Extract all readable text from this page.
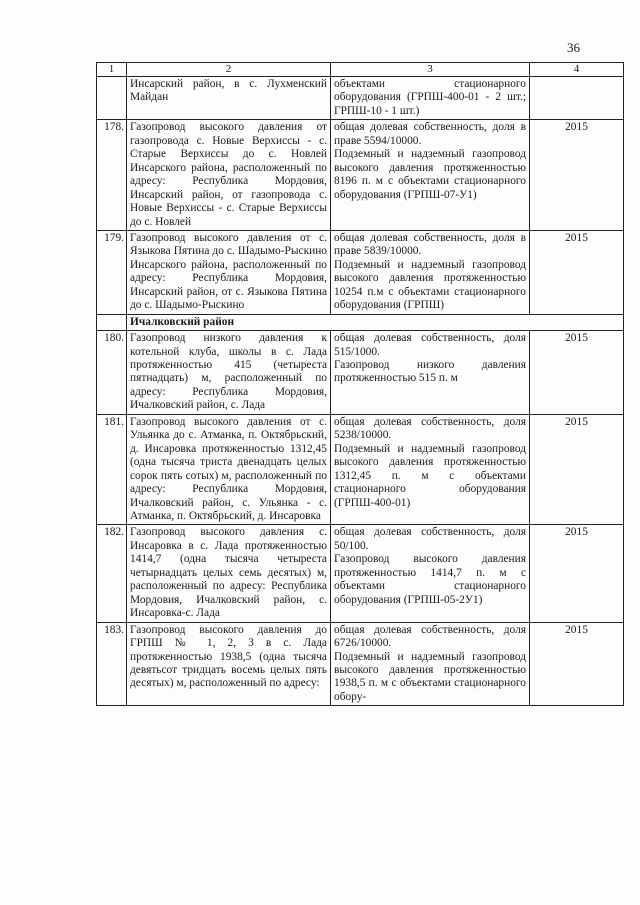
36
1	2	3	4
	Инсарский район, в с. Лухменский Майдан	объектами стационарного оборудования (ГРПШ-400-01 - 2 шт.; ГРПШ-10 - 1 шт.)	

178.	Газопровод высокого давления от газопровода с. Новые Верхиссы - с. Старые Верхиссы до с. Новлей Инсарского района, расположенный по адресу: Республика Мордовия, Инсарский район, от газопровода с. Новые Верхиссы - с. Старые Верхиссы до с. Новлей	общая долевая собственность, доля в праве 5594/10000.
Подземный и надземный газопровод высокого давления протяженностью 8196 п. м с объектами стационарного оборудования (ГРПШ-07-У1)	2015
179.	Газопровод высокого давления от с. Языкова Пятина до с. Шадымо-Рыскино Инсарского района, расположенный по адресу: Республика Мордовия, Инсарский район, от с. Языкова Пятина до с. Шадымо-Рыскино	общая долевая собственность, доля в праве 5839/10000.
Подземный и надземный газопровод высокого давления протяженностью 10254 п.м с объектами стационарного оборудования (ГРПШ)	2015
	Ичалковский район		
180.	Газопровод низкого давления к котельной клуба, школы в с. Лада протяженностью 415 (четыреста пятнадцать) м, расположенный по адресу: Республика Мордовия, Ичалковский район, с. Лада	общая долевая собственность, доля 515/1000.
Газопровод низкого давления протяженностью 515 п. м	2015
181.	Газопровод высокого давления от с. Ульянка до с. Атманка, п. Октябрьский, д. Инсаровка протяженностью 1312,45 (одна тысяча триста двенадцать целых сорок пять сотых) м, расположенный по адресу: Республика Мордовия, Ичалковский район, с. Ульянка - с. Атманка, п. Октябрьский, д. Инсаровка	общая долевая собственность, доля 5238/10000.
Подземный и надземный газопровод высокого давления протяженностью 1312,45 п. м с объектами стационарного оборудования (ГРПШ-400-01)	2015
182.	Газопровод высокого давления с. Инсаровка в с. Лада протяженностью 1414,7 (одна тысяча четыреста четырнадцать целых семь десятых) м, расположенный по адресу: Республика Мордовия, Ичалковский район, с. Инсаровка-с. Лада	общая долевая собственность, доля 50/100.
Газопровод высокого давления протяженностью 1414,7 п. м с объектами стационарного оборудования (ГРПШ-05-2У1)	2015
183.	Газопровод высокого давления до ГРПШ № 1, 2, 3 в с. Лада протяженностью 1938,5 (одна тысяча девятьсот тридцать восемь целых пять десятых) м, расположенный по адресу:	общая долевая собственность, доля 6726/10000.
Подземный и надземный газопровод высокого давления протяженностью 1938,5 п. м с объектами стационарного обору-	2015
